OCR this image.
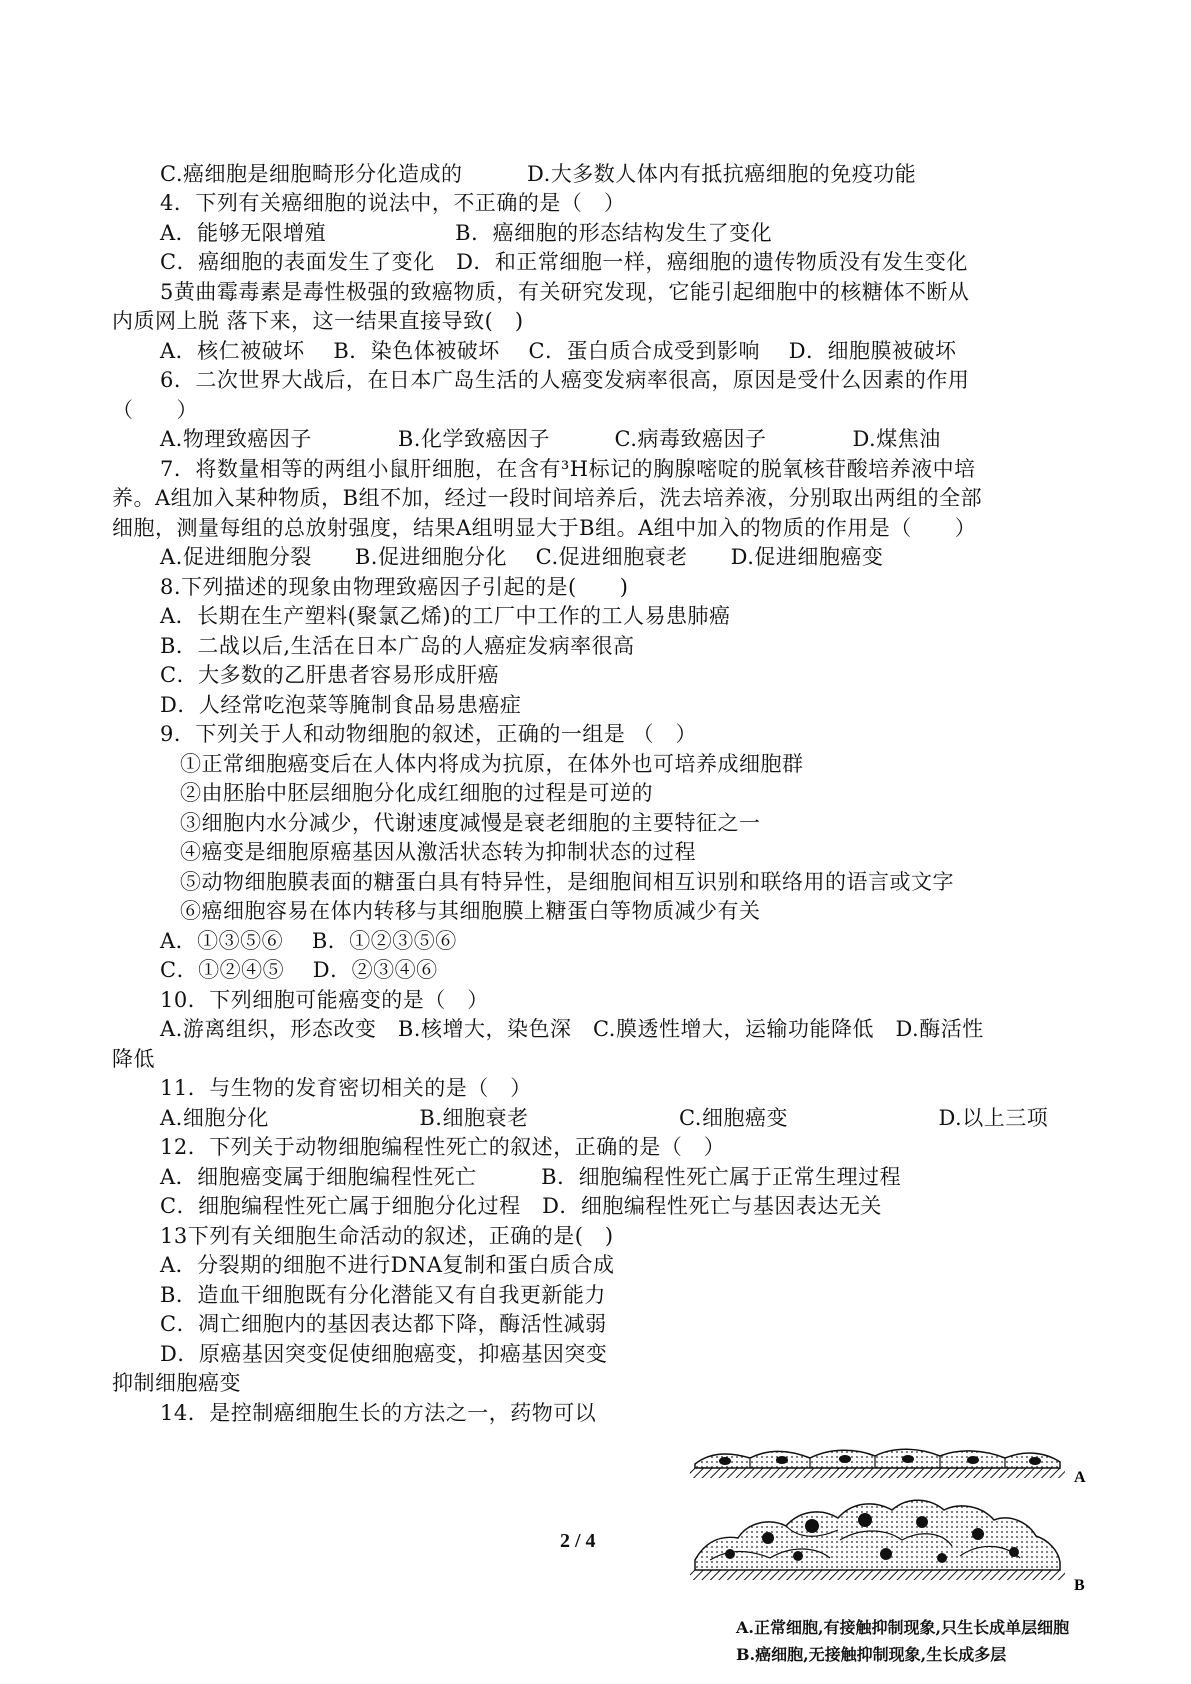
C.癌细胞是细胞畸形分化造成的　　　D.大多数人体内有抵抗癌细胞的免疫功能
4．下列有关癌细胞的说法中，不正确的是（　）
A．能够无限增殖　　　　　　B．癌细胞的形态结构发生了变化
C．癌细胞的表面发生了变化　D．和正常细胞一样，癌细胞的遗传物质没有发生变化
5黄曲霉毒素是毒性极强的致癌物质，有关研究发现，它能引起细胞中的核糖体不断从
内质网上脱 落下来，这一结果直接导致(　)
A．核仁被破坏　 B．染色体被破坏　 C．蛋白质合成受到影响　 D．细胞膜被破坏
6．二次世界大战后，在日本广岛生活的人癌变发病率很高，原因是受什么因素的作用
（　　）
A.物理致癌因子　　　　B.化学致癌因子　　　C.病毒致癌因子　　　　D.煤焦油
7．将数量相等的两组小鼠肝细胞，在含有³H标记的胸腺嘧啶的脱氧核苷酸培养液中培
养。A组加入某种物质，B组不加，经过一段时间培养后，洗去培养液，分别取出两组的全部
细胞，测量每组的总放射强度，结果A组明显大于B组。A组中加入的物质的作用是（　　）
A.促进细胞分裂　　B.促进细胞分化　 C.促进细胞衰老　　D.促进细胞癌变
8.下列描述的现象由物理致癌因子引起的是(　　)
A．长期在生产塑料(聚氯乙烯)的工厂中工作的工人易患肺癌
B．二战以后,生活在日本广岛的人癌症发病率很高
C．大多数的乙肝患者容易形成肝癌
D．人经常吃泡菜等腌制食品易患癌症
9．下列关于人和动物细胞的叙述，正确的一组是 （　）
①正常细胞癌变后在人体内将成为抗原，在体外也可培养成细胞群
②由胚胎中胚层细胞分化成红细胞的过程是可逆的
③细胞内水分减少，代谢速度减慢是衰老细胞的主要特征之一
④癌变是细胞原癌基因从激活状态转为抑制状态的过程
⑤动物细胞膜表面的糖蛋白具有特异性，是细胞间相互识别和联络用的语言或文字
⑥癌细胞容易在体内转移与其细胞膜上糖蛋白等物质减少有关
A．①③⑤⑥　 B．①②③⑤⑥
C．①②④⑤　 D．②③④⑥
10．下列细胞可能癌变的是（　）
A.游离组织，形态改变　B.核增大，染色深　C.膜透性增大，运输功能降低　D.酶活性
降低
11．与生物的发育密切相关的是（　）
A.细胞分化　　　　　　　B.细胞衰老　　　　　　　C.细胞癌变　　　　　　　D.以上三项
12．下列关于动物细胞编程性死亡的叙述，正确的是（　）
A．细胞癌变属于细胞编程性死亡　　　B．细胞编程性死亡属于正常生理过程
C．细胞编程性死亡属于细胞分化过程　D．细胞编程性死亡与基因表达无关
13下列有关细胞生命活动的叙述，正确的是(　)
A．分裂期的细胞不进行DNA复制和蛋白质合成
B．造血干细胞既有分化潜能又有自我更新能力
C．凋亡细胞内的基因表达都下降，酶活性减弱
D．原癌基因突变促使细胞癌变，抑癌基因突变
抑制细胞癌变
14．是控制癌细胞生长的方法之一，药物可以
2 / 4
A
B
A.正常细胞,有接触抑制现象,只生长成单层细胞
B.癌细胞,无接触抑制现象,生长成多层
